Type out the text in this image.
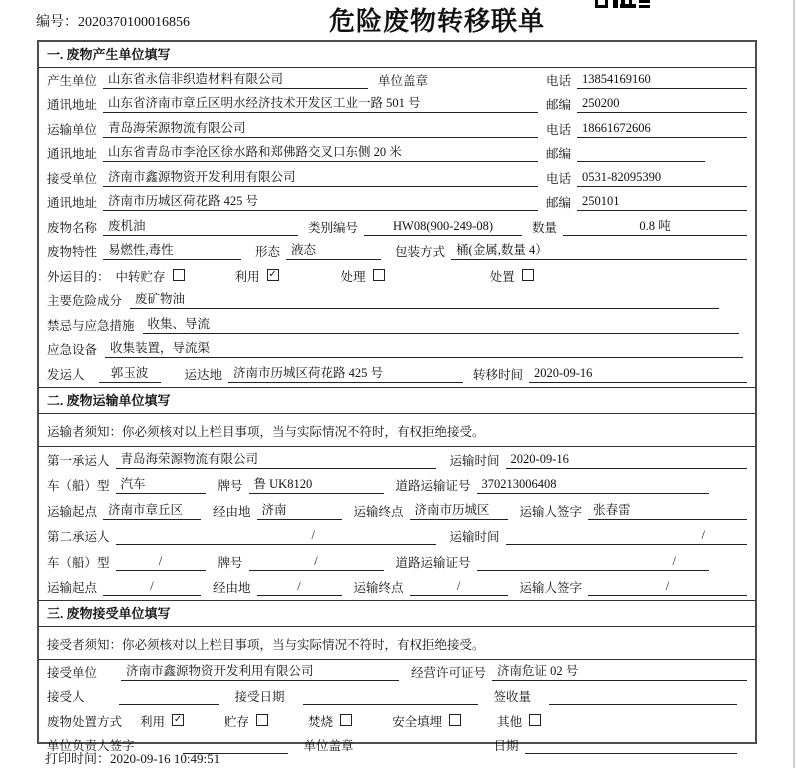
编号：2020370100016856	危险废物转移联单
一. 废物产生单位填写
产生单位 山东省永信非织造材料有限公司	单位盖章	电话 13854169160
通讯地址 山东省济南市章丘区明水经济技术开发区工业一路 501 号	邮编 250200
运输单位 青岛海荣源物流有限公司	电话 18661672606
通讯地址 山东省青岛市李沧区徐水路和郑佛路交叉口东侧 20 米	邮编
接受单位 济南市鑫源物资开发利用有限公司	电话 0531-82095390
通讯地址 济南市历城区荷花路 425 号	邮编 250101
废物名称 废机油	类别编号	HW08(900-249-08)	数量	0.8 吨
废物特性 易燃性,毒性	形态 液态	包装方式 桶(金属,数量 4）
外运目的： 中转贮存	利用 ✓	处理	处置
主要危险成分	废矿物油
禁忌与应急措施	收集、导流
应急设备	收集装置，导流渠
发运人	郭玉波	运达地 济南市历城区荷花路 425 号	转移时间 2020-09-16
二. 废物运输单位填写
运输者须知：你必须核对以上栏目事项，当与实际情况不符时，有权拒绝接受。
第一承运人 青岛海荣源物流有限公司	运输时间 2020-09-16
车（船）型 汽车	牌号 鲁 UK8120	道路运输证号 370213006408
运输起点 济南市章丘区	经由地 济南	运输终点 济南市历城区	运输人签字 张春雷
第二承运人	/	运输时间	/
车（船）型	/	牌号	/	道路运输证号	/
运输起点	/	经由地	/	运输终点	/	运输人签字	/
三. 废物接受单位填写
接受者须知：你必须核对以上栏目事项，当与实际情况不符时，有权拒绝接受。
接受单位	济南市鑫源物资开发利用有限公司	经营许可证号 济南危证 02 号
接受人	接受日期	签收量
废物处置方式 利用 ✓	贮存	焚烧	安全填埋	其他
单位负责人签字	单位盖章	日期
打印时间：2020-09-16 10:49:51
